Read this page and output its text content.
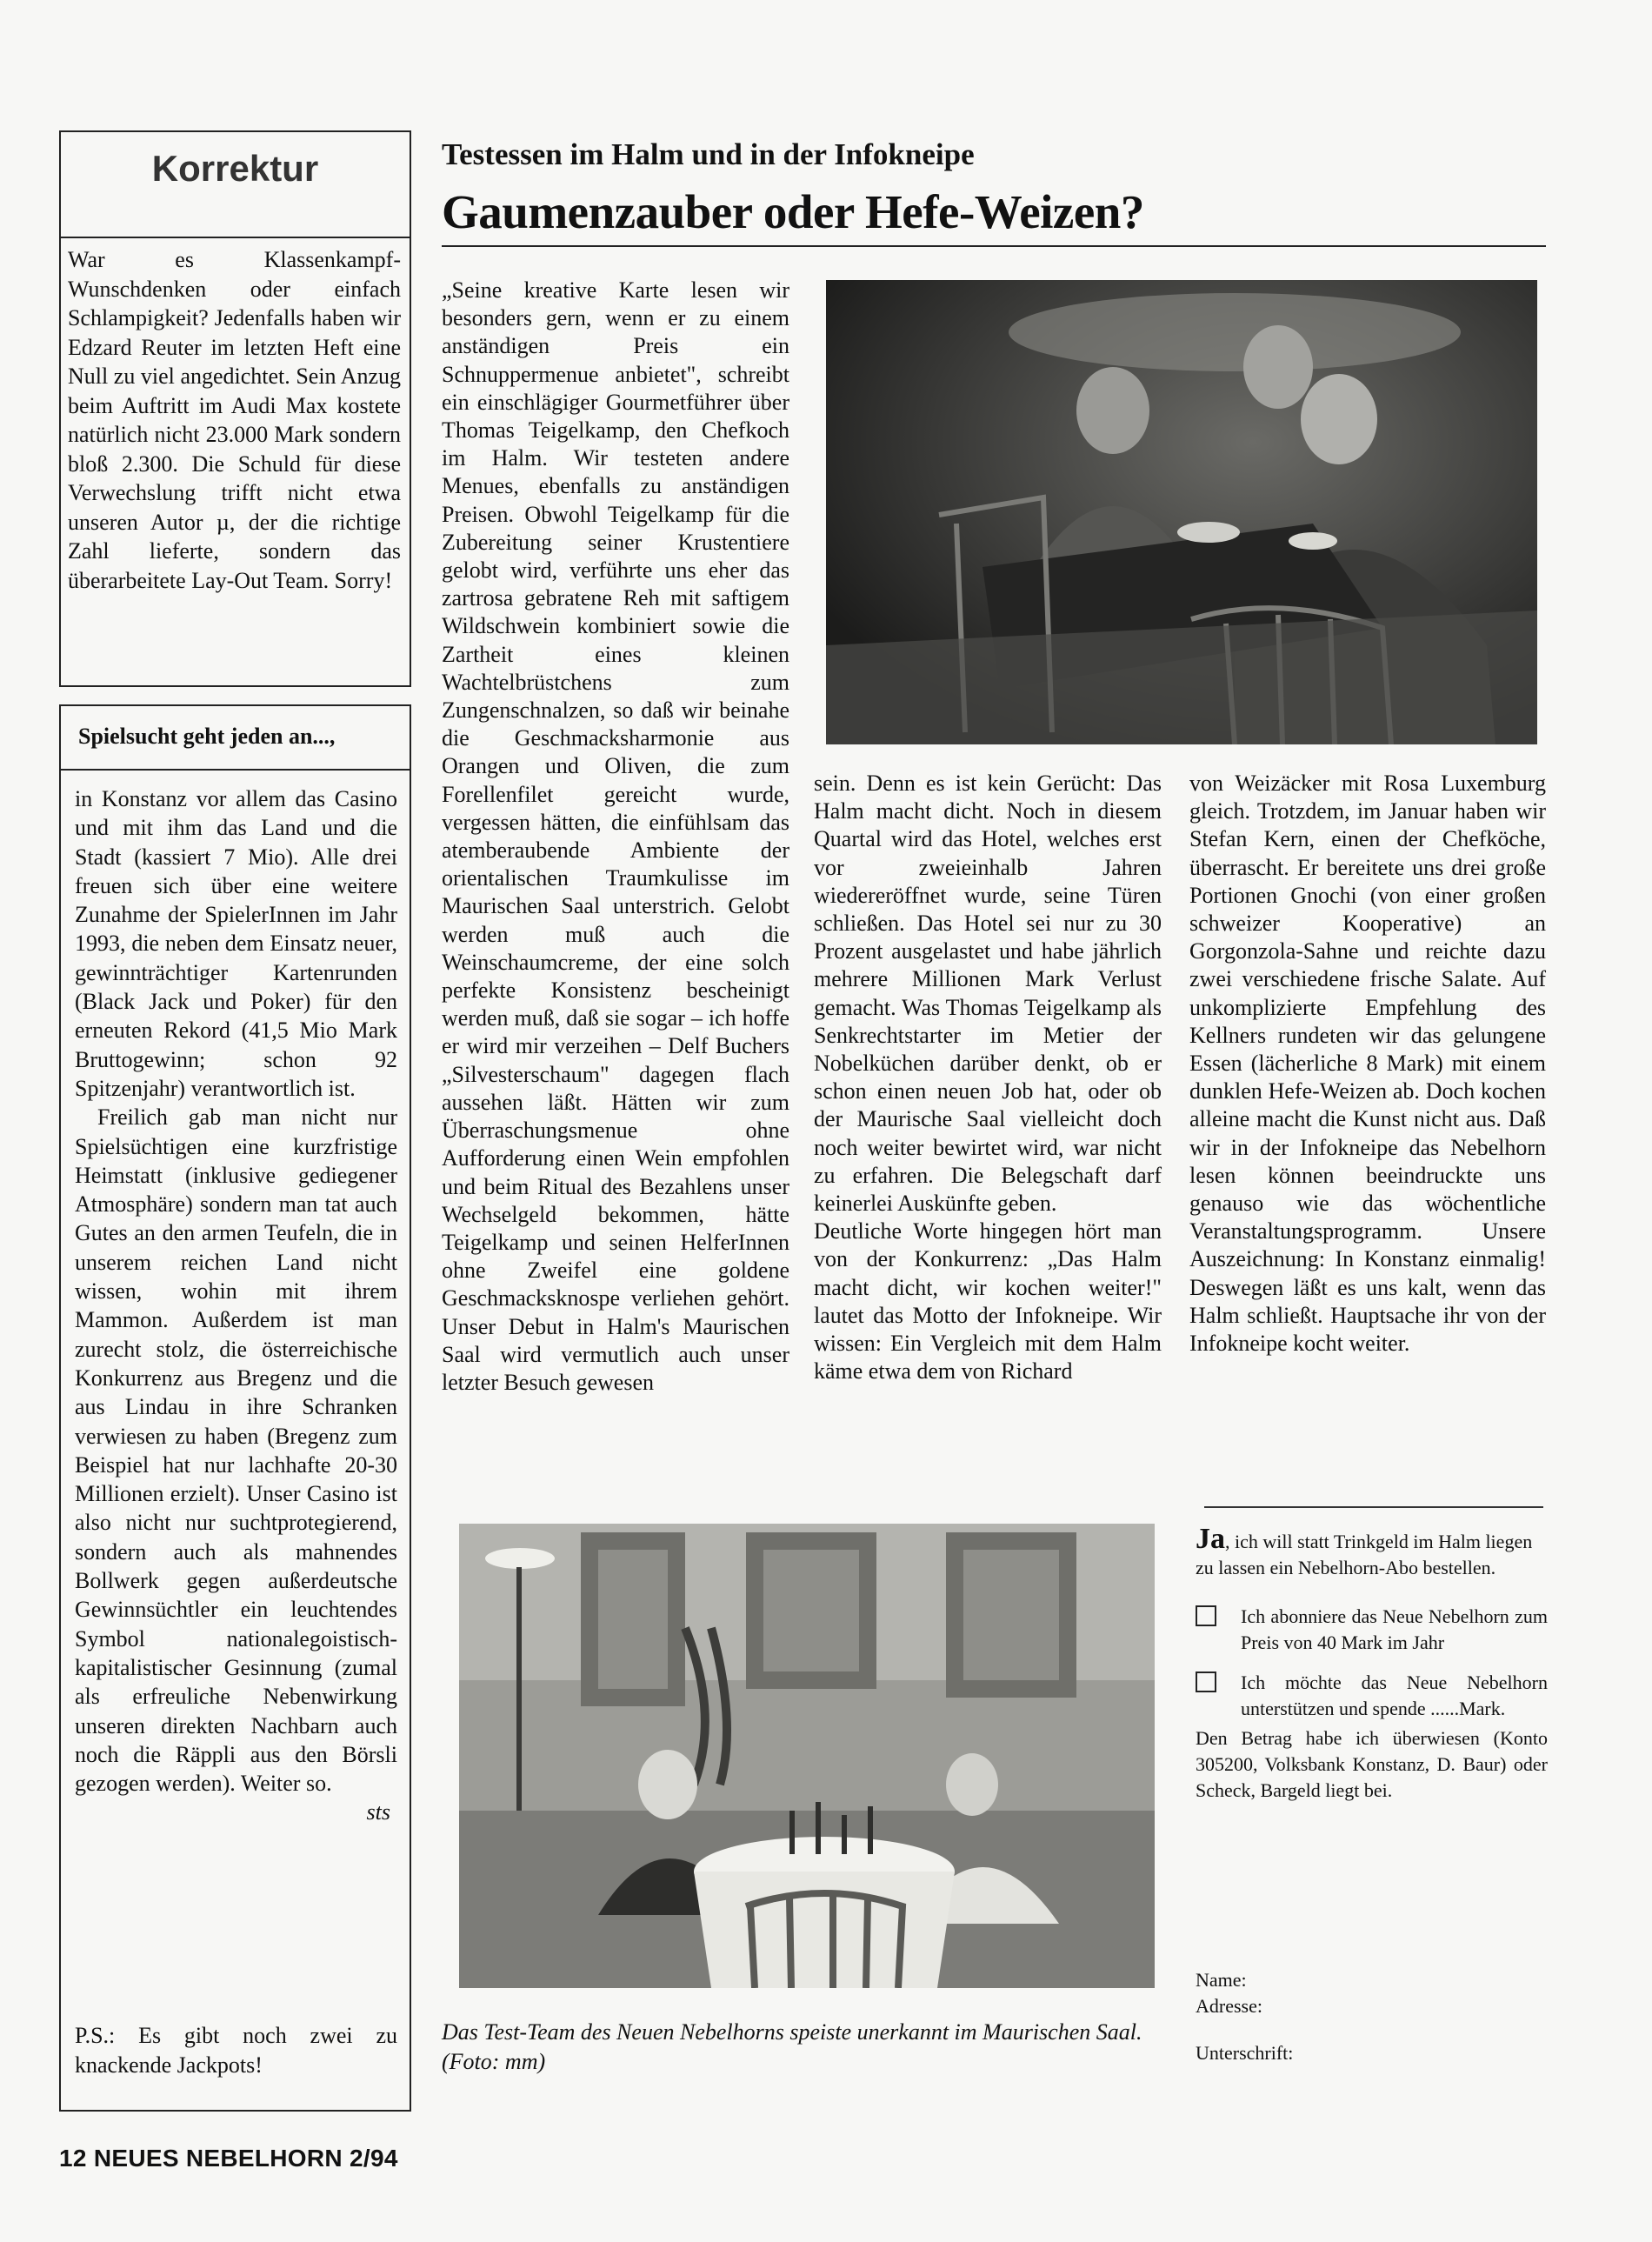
Korrektur

War es Klassenkampf-Wunschdenken oder einfach Schlampigkeit? Jedenfalls haben wir Edzard Reuter im letzten Heft eine Null zu viel angedichtet. Sein Anzug beim Auftritt im Audi Max kostete natürlich nicht 23.000 Mark sondern bloß 2.300. Die Schuld für diese Verwechslung trifft nicht etwa unseren Autor µ, der die richtige Zahl lieferte, sondern das überarbeitete Lay-Out Team. Sorry!

Spielsucht geht jeden an...,

in Konstanz vor allem das Casino und mit ihm das Land und die Stadt (kassiert 7 Mio). Alle drei freuen sich über eine weitere Zunahme der SpielerInnen im Jahr 1993, die neben dem Einsatz neuer, gewinnträchtiger Kartenrunden (Black Jack und Poker) für den erneuten Rekord (41,5 Mio Mark Bruttogewinn; schon 92 Spitzenjahr) verantwortlich ist.

Freilich gab man nicht nur Spielsüchtigen eine kurzfristige Heimstatt (inklusive gediegener Atmosphäre) sondern man tat auch Gutes an den armen Teufeln, die in unserem reichen Land nicht wissen, wohin mit ihrem Mammon. Außerdem ist man zurecht stolz, die österreichische Konkurrenz aus Bregenz und die aus Lindau in ihre Schranken verwiesen zu haben (Bregenz zum Beispiel hat nur lachhafte 20-30 Millionen erzielt). Unser Casino ist also nicht nur suchtprotegierend, sondern auch als mahnendes Bollwerk gegen außerdeutsche Gewinnsüchtler ein leuchtendes Symbol nationalegoistisch-kapitalistischer Gesinnung (zumal als erfreuliche Nebenwirkung unseren direkten Nachbarn auch noch die Räppli aus den Börsli gezogen werden). Weiter so.

sts

P.S.: Es gibt noch zwei zu knackende Jackpots!

Testessen im Halm und in der Infokneipe
Gaumenzauber oder Hefe-Weizen?

„Seine kreative Karte lesen wir besonders gern, wenn er zu einem anständigen Preis ein Schnuppermenue anbietet", schreibt ein einschlägiger Gourmetführer über Thomas Teigelkamp, den Chefkoch im Halm. Wir testeten andere Menues, ebenfalls zu anständigen Preisen. Obwohl Teigelkamp für die Zubereitung seiner Krustentiere gelobt wird, verführte uns eher das zartrosa gebratene Reh mit saftigem Wildschwein kombiniert sowie die Zartheit eines kleinen Wachtelbrüstchens zum Zungenschnalzen, so daß wir beinahe die Geschmacksharmonie aus Orangen und Oliven, die zum Forellenfilet gereicht wurde, vergessen hätten, die einfühlsam das atemberaubende Ambiente der orientalischen Traumkulisse im Maurischen Saal unterstrich. Gelobt werden muß auch die Weinschaumcreme, der eine solch perfekte Konsistenz bescheinigt werden muß, daß sie sogar – ich hoffe er wird mir verzeihen – Delf Buchers „Silvesterschaum" dagegen flach aussehen läßt. Hätten wir zum Überraschungsmenue ohne Aufforderung einen Wein empfohlen und beim Ritual des Bezahlens unser Wechselgeld bekommen, hätte Teigelkamp und seinen HelferInnen ohne Zweifel eine goldene Geschmacksknospe verliehen gehört. Unser Debut in Halm's Maurischen Saal wird vermutlich auch unser letzter Besuch gewesen

sein. Denn es ist kein Gerücht: Das Halm macht dicht. Noch in diesem Quartal wird das Hotel, welches erst vor zweieinhalb Jahren wiedereröffnet wurde, seine Türen schließen. Das Hotel sei nur zu 30 Prozent ausgelastet und habe jährlich mehrere Millionen Mark Verlust gemacht. Was Thomas Teigelkamp als Senkrechtstarter im Metier der Nobelküchen darüber denkt, ob er schon einen neuen Job hat, oder ob der Maurische Saal vielleicht doch noch weiter bewirtet wird, war nicht zu erfahren. Die Belegschaft darf keinerlei Auskünfte geben.

Deutliche Worte hingegen hört man von der Konkurrenz: „Das Halm macht dicht, wir kochen weiter!" lautet das Motto der Infokneipe. Wir wissen: Ein Vergleich mit dem Halm käme etwa dem von Richard

von Weizäcker mit Rosa Luxemburg gleich. Trotzdem, im Januar haben wir Stefan Kern, einen der Chefköche, überrascht. Er bereitete uns drei große Portionen Gnochi (von einer großen schweizer Kooperative) an Gorgonzola-Sahne und reichte dazu zwei verschiedene frische Salate. Auf unkomplizierte Empfehlung des Kellners rundeten wir das gelungene Essen (lächerliche 8 Mark) mit einem dunklen Hefe-Weizen ab. Doch kochen alleine macht die Kunst nicht aus. Daß wir in der Infokneipe das Nebelhorn lesen können beeindruckte uns genauso wie das wöchentliche Veranstaltungsprogramm. Unsere Auszeichnung: In Konstanz einmalig! Deswegen läßt es uns kalt, wenn das Halm schließt. Hauptsache ihr von der Infokneipe kocht weiter.

Das Test-Team des Neuen Nebelhorns speiste unerkannt im Maurischen Saal. (Foto: mm)
Ja, ich will statt Trinkgeld im Halm liegen zu lassen ein Nebelhorn-Abo bestellen.
Ich abonniere das Neue Nebelhorn zum Preis von 40 Mark im Jahr
Ich möchte das Neue Nebelhorn unterstützen und spende ......Mark.
Den Betrag habe ich überwiesen (Konto 305200, Volksbank Konstanz, D. Baur) oder Scheck, Bargeld liegt bei.
Name:
Adresse:
Unterschrift:
12 NEUES NEBELHORN 2/94
